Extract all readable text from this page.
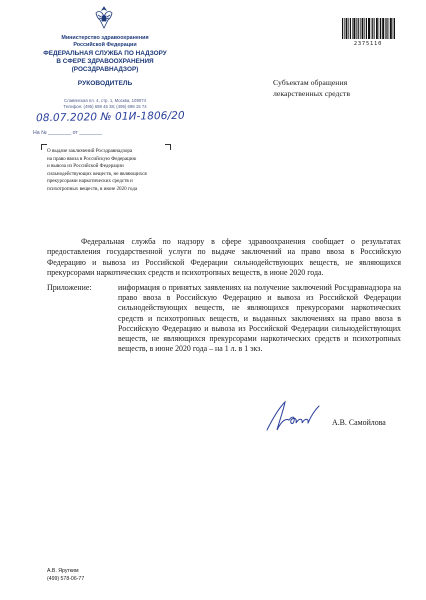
Министерство здравоохранения
Российской Федерации
ФЕДЕРАЛЬНАЯ СЛУЖБА ПО НАДЗОРУ
В СФЕРЕ ЗДРАВООХРАНЕНИЯ
(РОСЗДРАВНАДЗОР)
РУКОВОДИТЕЛЬ
Славянская пл. 4, стр. 1, Москва, 109074
Телефон: (495) 698 45 38; (495) 698 15 74
08.07.2020 № 01И-1806/20
На № ________ от ________
2375110
Субъектам обращения
лекарственных средств
О выдаче заключений Росздравнадзора
на право ввоза в Российскую Федерацию
и вывоза из Российской Федерации
сильнодействующих веществ, не являющихся
прекурсорами наркотических средств и
психотропных веществ, в июне 2020 года
Федеральная служба по надзору в сфере здравоохранения сообщает о результатах предоставления государственной услуги по выдаче заключений на право ввоза в Российскую Федерацию и вывоза из Российской Федерации сильнодействующих веществ, не являющихся прекурсорами наркотических средств и психотропных веществ, в июне 2020 года.
Приложение:	информация о принятых заявлениях на получение заключений Росздравнадзора на право ввоза в Российскую Федерацию и вывоза из Российской Федерации сильнодействующих веществ, не являющихся прекурсорами наркотических средств и психотропных веществ, и выданных заключениях на право ввоза в Российскую Федерацию и вывоза из Российской Федерации сильнодействующих веществ, не являющихся прекурсорами наркотических средств и психотропных веществ, в июне 2020 года – на 1 л. в 1 экз.
А.В. Самойлова
А.В. Ярутким
(499) 578-06-77
